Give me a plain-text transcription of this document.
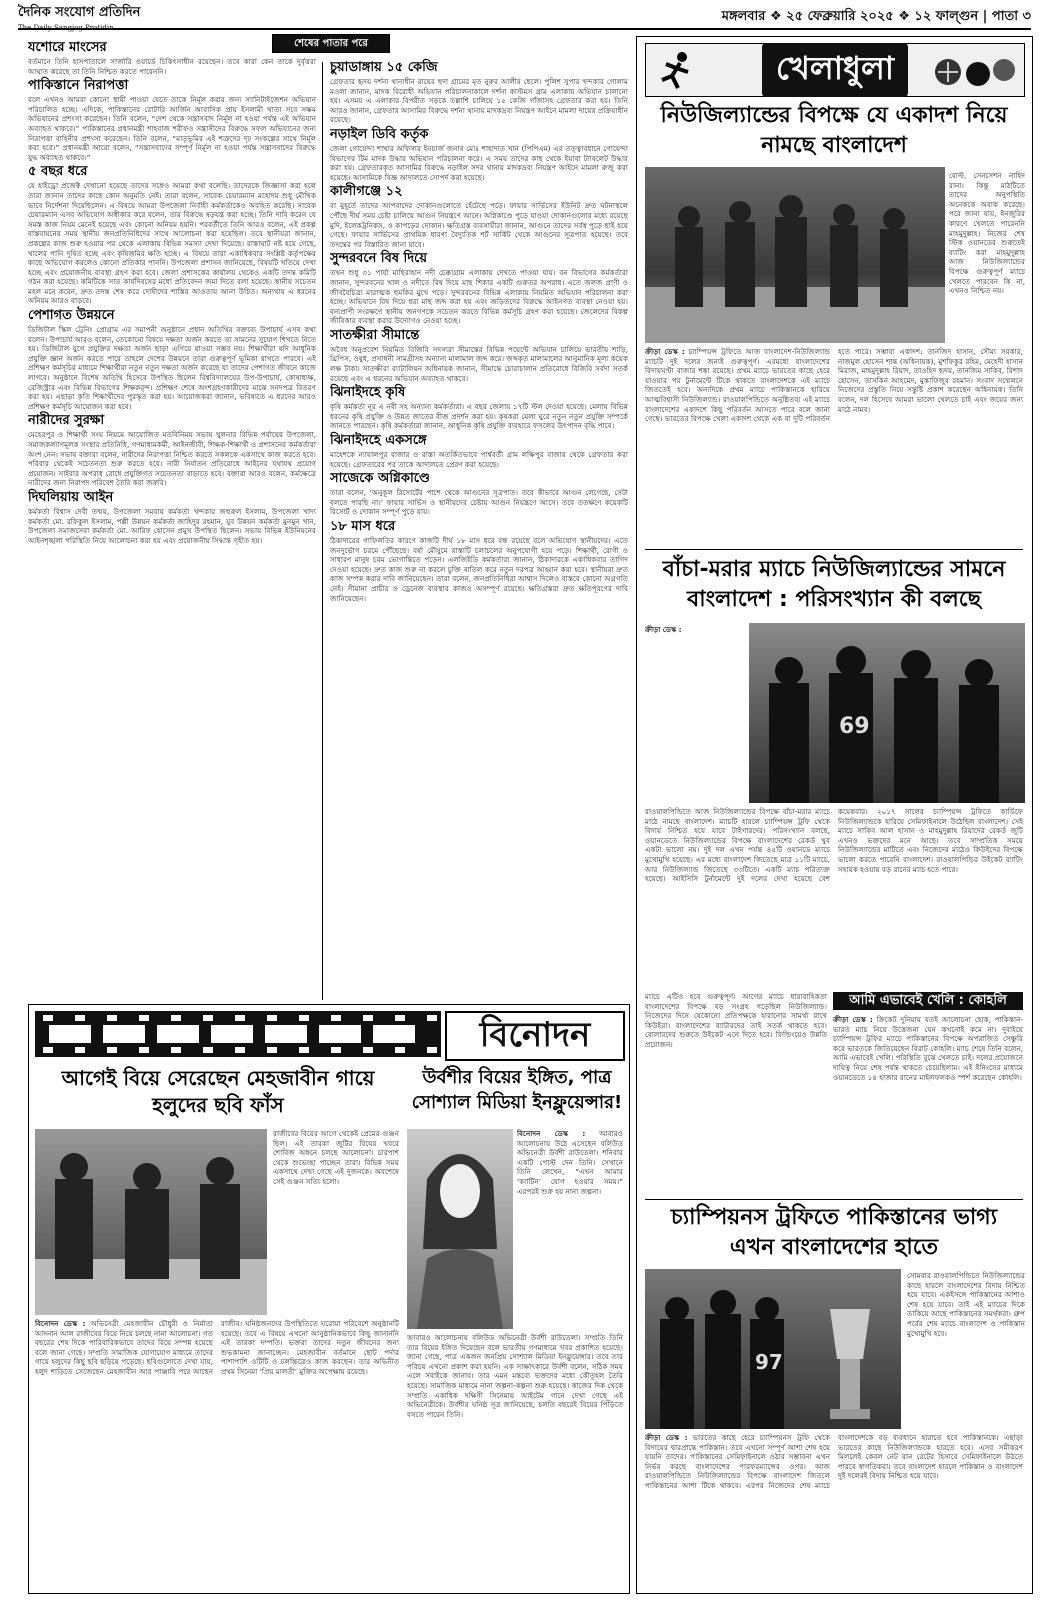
দৈনিক সংযোগ প্রতিদিন
The Daily Sangjog Protidin
মঙ্গলবার ❖ ২৫ ফেব্রুয়ারি ২০২৫ ❖ ১২ ফাল্গুন | পাতা ৩
যশোরে মাংসের
বর্তমানে তিনি হাসপাতালে সার্জারি ওয়ার্ডে চিকিৎসাধীন রয়েছেন। তবে কারা কেন তাকে দুর্বৃত্তরা আঘাত করেছে তা তিনি নিশ্চিত করতে পারেননি।
পাকিস্তানে নিরাপত্তা
বলে এখনও আমরা কোনো স্থায়ী পাওয়া যেতে তাকে নির্মূল করার জন্য স্যানিটাইজেশন অভিযান পরিচালিত হচ্ছে। এদিকে, পাকিস্তানের রোটারি আর্জিন আবাসিক প্রায় ইসলামী খাতা সবে সক্ষম অভিযানের প্রশংসা করেছেন। তিনি বলেন, “দেশ থেকে সন্ত্রাসবাদ নির্মূল না হওয়া পর্যন্ত এই অভিযান অব্যাহত থাকবে।” পাকিস্তানের প্রধানমন্ত্রী শাহবাজ শরীফও সন্ত্রাসীদের বিরুদ্ধে সফল অভিযানের জন্য নিরাপত্তা বাহিনীর প্রশংসা করেছেন। তিনি বলেন, “মাতৃভূমির এই শত্রুদের দৃঢ় সংকল্পের সাথে নির্মূল করা হবে।” প্রধানমন্ত্রী আরো বলেন, “সন্ত্রাসবাদের সম্পূর্ণ নির্মূল না হওয়া পর্যন্ত সন্ত্রাসবাদের বিরুদ্ধে যুদ্ধ অব্যাহত থাকবে।”
৫ বছর ধরে
যে হাইড্রো প্রজেক্ট দেখানো হয়েছে তাদের সঙ্গেও আমরা কথা বলেছি। তাদেরকে জিজ্ঞাসা করা হলে তারা জানান তাদের কাছে কোন অনুমতি নেই। তারা বলেন, সাবেক চেয়ারম্যান মহোদয় শুধু মৌখিক ভাবে নির্দেশনা দিয়েছিলেন। এ বিষয়ে আমরা উপজেলা নির্বাহী কর্মকর্তাকেও অবহিত করেছি। সাবেক চেয়ারম্যান এসব অভিযোগ অস্বীকার করে বলেন, তার বিরুদ্ধে ষড়যন্ত্র করা হচ্ছে। তিনি দাবি করেন যে সমস্ত কাজ নিয়ম মেনেই হয়েছে এবং কোনো অনিয়ম হয়নি। পরবর্তীতে তিনি আরও বলেন, এই প্রকল্প বাস্তবায়নের সময় স্থানীয় জনপ্রতিনিধিদের সাথে আলোচনা করা হয়েছিল। তবে স্থানীয়রা জানান, প্রকল্পের কাজ শুরু হওয়ার পর থেকে এলাকায় বিভিন্ন সমস্যা দেখা দিয়েছে। রাস্তাঘাট নষ্ট হয়ে গেছে, খালের পানি দূষিত হচ্ছে এবং কৃষিজমির ক্ষতি হচ্ছে। এ বিষয়ে তারা একাধিকবার সংশ্লিষ্ট কর্তৃপক্ষের কাছে অভিযোগ করলেও কোনো প্রতিকার পাননি। উপজেলা প্রশাসন জানিয়েছে, বিষয়টি খতিয়ে দেখা হচ্ছে এবং প্রয়োজনীয় ব্যবস্থা গ্রহণ করা হবে। জেলা প্রশাসকের কার্যালয় থেকেও একটি তদন্ত কমিটি গঠন করা হয়েছে। কমিটিকে সাত কার্যদিবসের মধ্যে প্রতিবেদন জমা দিতে বলা হয়েছে। স্থানীয় সচেতন মহল মনে করেন, দ্রুত তদন্ত শেষ করে দোষীদের শাস্তির আওতায় আনা উচিত। অন্যথায় এ ধরনের অনিয়ম আরও বাড়বে।
পেশাগত উন্নয়নে
ডিজিটাল স্কিল ট্রেনিং প্রোগ্রাম এর সমাপনী অনুষ্ঠানে প্রধান অতিথির বক্তব্যে উপাচার্য এসব কথা বলেন। উপাচার্য আরও বলেন, তেকোনো বিষয়ে দক্ষতা অর্জন করতে তা সামনের সুযোগ শিখতে নিতে হয়। ডিজিটাল যুগে প্রযুক্তির দক্ষতা অর্জন ছাড়া এগিয়ে যাওয়া সম্ভব নয়। শিক্ষার্থীরা যদি আধুনিক প্রযুক্তি জ্ঞান অর্জন করতে পারে তাহলে দেশের উন্নয়নে তারা গুরুত্বপূর্ণ ভূমিকা রাখতে পারবে। এই প্রশিক্ষণ কর্মসূচির মাধ্যমে শিক্ষার্থীরা নতুন নতুন দক্ষতা অর্জন করেছে যা তাদের পেশাগত জীবনে কাজে লাগবে। অনুষ্ঠানে বিশেষ অতিথি হিসেবে উপস্থিত ছিলেন বিশ্ববিদ্যালয়ের উপ-উপাচার্য, কোষাধ্যক্ষ, রেজিস্ট্রার এবং বিভিন্ন বিভাগের শিক্ষকবৃন্দ। প্রশিক্ষণ শেষে অংশগ্রহণকারীদের মাঝে সনদপত্র বিতরণ করা হয়। এছাড়া কৃতি শিক্ষার্থীদের পুরস্কৃত করা হয়। আয়োজকরা জানান, ভবিষ্যতে এ ধরনের আরও প্রশিক্ষণ কর্মসূচি আয়োজন করা হবে।
নারীদের সুরক্ষা
মেহেরপুর ও শিক্ষার্থী সংঘ নিয়মে আয়োজিত মতবিনিময় সভায় খুলনার বিভিন্ন পর্যায়ের উপজেলা, সমাজকল্যাণমূলক সংস্থার প্রতিনিধি, গণমাধ্যমকর্মী, আইনজীবী, শিক্ষক-শিক্ষার্থী ও প্রশাসনের কর্মকর্তারা অংশ নেন। সভায় বক্তারা বলেন, নারীদের নিরাপত্তা নিশ্চিত করতে সকলকে একসাথে কাজ করতে হবে। পরিবার থেকেই সচেতনতা শুরু করতে হবে। নারী নির্যাতন প্রতিরোধে আইনের যথাযথ প্রয়োগ প্রয়োজন। সাইবার অপরাধ রোধে প্রযুক্তিগত সচেতনতা বাড়াতে হবে। বক্তারা আরও বলেন, কর্মক্ষেত্রে নারীদের জন্য নিরাপদ পরিবেশ তৈরি করা জরুরি।
দিঘলিয়ায় আইন
কর্মকর্তা বিশ্বাস দেবী তন্ময়, উপজেলা সমবায় কর্মকর্তা খন্দকার জহুরুল ইসলাম, উপজেলা খাদ্য কর্মকর্তা মো. রফিকুল ইসলাম, পল্লী উন্নয়ন কর্মকর্তা জাহিদুর রহমান, যুব উন্নয়ন কর্মকর্তা মুনমুন খান, উপজেলা সমাজসেবা কর্মকর্তা মো. আরিফ হোসেন প্রমুখ উপস্থিত ছিলেন। সভায় বিভিন্ন ইউনিয়নের আইনশৃঙ্খলা পরিস্থিতি নিয়ে আলোচনা করা হয় এবং প্রয়োজনীয় সিদ্ধান্ত গৃহীত হয়।
শেষের পাতার পরে
চুয়াডাঙ্গায় ১৫ কেজি
গ্রেফতার হৃদয় দর্শনা থানাধীন রায়ের হুদা গ্রামের মৃত নুরুর আলীর ছেলে। পুলিশ সুপার খন্দকার গোলাম মওলা জানান, মাদক বিরোধী অভিযান পরিচালনাকালে দর্শনা কাস্টমস গ্রাম এলাকায় অভিযান চালানো হয়। এসময় এ এলাকার বিপরীত সড়কে তল্লাশি চালিয়ে ১৫ কেজি গাঁজাসহ গ্রেফতার করা হয়। তিনি আরও জানান, গ্রেফতার আসামির বিরুদ্ধে দর্শনা থানায় মাদকদ্রব্য নিয়ন্ত্রণ আইনে মামলা দায়ের প্রক্রিয়াধীন রয়েছে।
নড়াইল ডিবি কর্তৃক
জেলা গোয়েন্দা শাখার অফিসার ইনচার্জ জনাব মোঃ শাহাদাত খান (পিপিএম) এর তত্ত্বাবধানে গোয়েন্দা বিভাগের টিম মাদক উদ্ধার অভিযান পরিচালনা করে। এ সময় তাদের কাছ থেকে ইয়াবা ট্যাবলেট উদ্ধার করা হয়। গ্রেফতারকৃত আসামির বিরুদ্ধে নড়াইল সদর থানায় মাদকদ্রব্য নিয়ন্ত্রণ আইনে মামলা রুজু করা হয়েছে। আসামিকে বিজ্ঞ আদালতে সোপর্দ করা হয়েছে।
কালীগঞ্জে ১২
বা মুহূর্তে তাদের আপবাদের দোকানগুলোতে হেঁটেছে পড়ে। ফায়ার সার্ভিসের ইউনিট দ্রুত ঘটনাস্থলে পৌঁছে দীর্ঘ সময় চেষ্টা চালিয়ে আগুন নিয়ন্ত্রণে আনে। অগ্নিকাণ্ডে পুড়ে যাওয়া দোকানগুলোর মধ্যে রয়েছে মুদি, ইলেকট্রনিকস, ও কাপড়ের দোকান। ক্ষতিগ্রস্ত ব্যবসায়ীরা জানান, আগুনে তাদের সর্বস্ব পুড়ে ছাই হয়ে গেছে। ফায়ার সার্ভিসের প্রাথমিক ধারণা বৈদ্যুতিক শর্ট সার্কিট থেকে আগুনের সূত্রপাত হয়েছে। তবে তদন্তের পর বিস্তারিত জানা যাবে।
সুন্দরবনে বিষ দিয়ে
তখন শুধু ৩১ পার্যা মাছিরাহান নদী চেক্কাগ্রাম এলাকায় দেখতে পাওয়া যায়। বন বিভাগের কর্মকর্তারা জানান, সুন্দরবনের খাল ও নদীতে বিষ দিয়ে মাছ শিকার একটি গুরুতর অপরাধ। এতে জলজ প্রাণী ও জীববৈচিত্র্য মারাত্মক হুমকির মুখে পড়ে। সুন্দরবনের বিভিন্ন এলাকায় নিয়মিত অভিযান পরিচালনা করা হচ্ছে। অভিযানে বিষ দিয়ে ধরা মাছ জব্দ করা হয় এবং জড়িতদের বিরুদ্ধে আইনগত ব্যবস্থা নেওয়া হয়। বন্যপ্রাণী সংরক্ষণে স্থানীয় জনগণকে সচেতন করতে বিভিন্ন কর্মসূচি গ্রহণ করা হয়েছে। জেলেদের বিকল্প জীবিকার ব্যবস্থা করার উদ্যোগও নেওয়া হচ্ছে।
সাতক্ষীরা সীমান্তে
অবৈধ অনুপ্রবেশ নিয়মিত বিজিবি সদস্যরা সীমান্তের বিভিন্ন পয়েন্টে অভিযান চালিয়ে ভারতীয় শাড়ি, থ্রিপিস, ওষুধ, প্রসাধনী সামগ্রীসহ অন্যান্য মালামাল জব্দ করে। জব্দকৃত মালামালের আনুমানিক মূল্য কয়েক লক্ষ টাকা। সাতক্ষীরা ব্যাটালিয়ন অধিনায়ক জানান, সীমান্তে চোরাচালান প্রতিরোধে বিজিবি সর্বদা সতর্ক রয়েছে এবং এ ধরনের অভিযান অব্যাহত থাকবে।
ঝিনাইদহে কৃষি
কৃষি কর্মকর্তা নূর এ নবী সহ অন্যান্য কর্মকর্তারা। এ বছর জেলায় ১৭টি স্টল দেওয়া হয়েছে। মেলায় বিভিন্ন ধরনের কৃষি প্রযুক্তি ও উন্নত জাতের বীজ প্রদর্শন করা হয়। কৃষকরা মেলা ঘুরে নতুন নতুন প্রযুক্তি সম্পর্কে জানতে পারছেন। কৃষি কর্মকর্তারা জানান, আধুনিক কৃষি প্রযুক্তি ব্যবহারে ফসলের উৎপাদন বৃদ্ধি পাবে।
ঝিনাইদহে একসঙ্গে
মাহেশকে ন্যায়ালপুর বাজার ও রাস্তা অতর্কিতভাবে পার্শ্ববর্তী গ্রাম লক্ষিপুর বাজার থেকে গ্রেফতার করা হয়েছে। গ্রেফতারের পর তাকে আদালতে প্রেরণ করা হয়েছে।
সাজেকে অগ্নিকাণ্ডে
তারা বলেন, ‘অনুকূল রিসোর্টের পাশে থেকে আগুনের সূত্রপাত। তবে কীভাবে আগুন লেগেছে, সেটা বলতে পারছি না।’ ফায়ার সার্ভিস ও স্থানীয়দের চেষ্টায় আগুন নিয়ন্ত্রণে আসে। তবে ততক্ষণে কয়েকটি রিসোর্ট ও দোকান সম্পূর্ণ পুড়ে যায়।
১৮ মাস ধরে
ঠিকাদারের গাফিলতির কারণে কাজটি দীর্ঘ ১৮ মাস ধরে বন্ধ রয়েছে বলে অভিযোগ স্থানীয়দের। এতে জনদুর্ভোগ চরমে পৌঁছেছে। বর্ষা মৌসুমে রাস্তাটি চলাচলের অনুপযোগী হয়ে পড়ে। শিক্ষার্থী, রোগী ও সাধারণ মানুষ চরম ভোগান্তিতে পড়েন। এলজিইডি কর্মকর্তারা জানান, ঠিকাদারকে একাধিকবার তাগিদ দেওয়া হয়েছে। দ্রুত কাজ শুরু না করলে চুক্তি বাতিল করে নতুন দরপত্র আহ্বান করা হবে। স্থানীয়রা দ্রুত কাজ সম্পন্ন করার দাবি জানিয়েছেন। তারা বলেন, জনপ্রতিনিধিরা আশ্বাস দিলেও বাস্তবে কোনো অগ্রগতি নেই। সীমানা প্রাচীর ও ড্রেনেজ ব্যবস্থার কাজও অসম্পূর্ণ রয়েছে। ক্ষতিগ্রস্তরা দ্রুত ক্ষতিপূরণের দাবি জানিয়েছেন।
খেলাধুলা
নিউজিল্যান্ডের বিপক্ষে যে একাদশ নিয়ে নামছে বাংলাদেশ
বোল্ট, সেনসেশন নাহিদ রানা। কিন্তু মাঠটিতে তাদের অনুপস্থিতি অনেককে অবাক করেছে। পরে জানা যায়, ইনজুরির কারণে খেলতে পারেননি মাহমুদুল্লাহ। নিজের শেষ স্টিক ওয়ানডের শুরুতেই ব্যাটিং করা মাহমুদুল্লাহ আজ নিউজিল্যান্ডের বিপক্ষে গুরুত্বপূর্ণ ম্যাচে খেলতে পারবেন কি না, এখনও নিশ্চিত নয়।
ক্রীড়া ডেস্ক : চ্যাম্পিয়ন্স ট্রফিতে আজ বাংলাদেশ-নিউজিল্যান্ড ম্যাচটি দুই দলের জন্যই গুরুত্বপূর্ণ। এরমধ্যে বাংলাদেশের বিদায়ঘণ্টা বাজার শঙ্কা রয়েছে। প্রথম ম্যাচে ভারতের কাছে হেরে যাওয়ার পর টুর্নামেন্টে টিকে থাকতে বাংলাদেশকে এই ম্যাচে জিততেই হবে। অন্যদিকে প্রথম ম্যাচে পাকিস্তানকে হারিয়ে আত্মবিশ্বাসী নিউজিল্যান্ড। রাওয়ালপিন্ডিতে অনুষ্ঠিতব্য এই ম্যাচে বাংলাদেশের একাদশে কিছু পরিবর্তন আসতে পারে বলে জানা গেছে। ভারতের বিপক্ষে খেলা একাদশ থেকে এক বা দুটি পরিবর্তন হতে পারে। সম্ভাব্য একাদশ: তানজিদ হাসান, সৌম্য সরকার, নাজমুল হোসেন শান্ত (অধিনায়ক), মুশফিকুর রহিম, মেহেদী হাসান মিরাজ, মাহমুদুল্লাহ রিয়াদ, তাওহিদ হৃদয়, তানজিম সাকিব, রিশাদ হোসেন, তাসকিন আহমেদ, মুস্তাফিজুর রহমান। সংবাদ সম্মেলনে নিজেদের প্রস্তুতি নিয়ে সন্তুষ্টি প্রকাশ করেছেন অধিনায়ক। তিনি বলেন, দল হিসেবে আমরা ভালো খেলতে চাই এবং জয়ের জন্য মাঠে নামব।
বাঁচা-মরার ম্যাচে নিউজিল্যান্ডের সামনে বাংলাদেশ : পরিসংখ্যান কী বলছে
ক্রীড়া ডেস্ক :
69
রাওয়ালপিন্ডিতে আজ নিউজিল্যান্ডের বিপক্ষে বাঁচা-মরার ম্যাচে মাঠে নামছে বাংলাদেশ। ম্যাচটি হারলে চ্যাম্পিয়ন্স ট্রফি থেকে বিদায় নিশ্চিত হয়ে যাবে টাইগারদের। পরিসংখ্যান বলছে, ওয়ানডেতে নিউজিল্যান্ডের বিপক্ষে বাংলাদেশের রেকর্ড খুব একটা ভালো নয়। দুই দল এখন পর্যন্ত ৪৫টি ওয়ানডে ম্যাচে মুখোমুখি হয়েছে। এর মধ্যে বাংলাদেশ জিতেছে মাত্র ১১টি ম্যাচে, আর নিউজিল্যান্ড জিতেছে ৩৩টিতে। একটি ম্যাচ পরিত্যক্ত হয়েছে। আইসিসি টুর্নামেন্টে দুই দলের দেখা হয়েছে বেশ কয়েকবার। ২০১৭ সালের চ্যাম্পিয়ন্স ট্রফিতে কার্ডিফে নিউজিল্যান্ডকে হারিয়ে সেমিফাইনালে উঠেছিল বাংলাদেশ। সেই ম্যাচে সাকিব আল হাসান ও মাহমুদুল্লাহ রিয়াদের রেকর্ড জুটি এখনও ভক্তদের মনে আছে। তবে সাম্প্রতিক সময়ে নিউজিল্যান্ডের মাটিতে এবং নিজেদের মাঠেও কিউইদের বিপক্ষে ভালো করতে পারেনি বাংলাদেশ। রাওয়ালপিন্ডির উইকেট ব্যাটিং সহায়ক হওয়ায় বড় রানের ম্যাচ হতে পারে।
আমি এভাবেই খেলি : কোহলি
ক্রীড়া ডেস্ক : ক্রিকেট দুনিয়ায় যতই আলোচনা হোক, পাকিস্তান-ভারত ম্যাচ নিয়ে উত্তেজনা যেন কখনোই কমে না। দুবাইয়ে চ্যাম্পিয়ন্স ট্রফির ম্যাচে পাকিস্তানের বিপক্ষে অপরাজিত সেঞ্চুরি করে ভারতকে জিতিয়েছেন বিরাট কোহলি। ম্যাচ শেষে তিনি বলেন, আমি এভাবেই খেলি। পরিস্থিতি বুঝে খেলতে চাই। দলের প্রয়োজনে দায়িত্ব নিয়ে শেষ পর্যন্ত থাকতে চেয়েছিলাম। এই ইনিংসের মাধ্যমে ওয়ানডেতে ১৪ হাজার রানের মাইলফলকও স্পর্শ করেছেন কোহলি।
ম্যাচে এটিও হবে গুরুত্বপূর্ণ। আগের ম্যাচে ধারাবাহিকতা বাংলাদেশের বিপক্ষে বড় সংগ্রহ গড়েছিল নিউজিল্যান্ড। নিজেদের দিনে যেকোনো প্রতিপক্ষকে হারানোর সামর্থ্য রাখে কিউইরা। বাংলাদেশের ব্যাটারদের তাই সতর্ক থাকতে হবে। বোলারদের শুরুতে উইকেট এনে দিতে হবে। ফিল্ডিংয়েও উন্নতি প্রয়োজন।
চ্যাম্পিয়নস ট্রফিতে পাকিস্তানের ভাগ্য এখন বাংলাদেশের হাতে
97
সোমবার রাওয়ালপিন্ডিতে নিউজিল্যান্ডের কাছে হারলে বাংলাদেশের বিদায় নিশ্চিত হয়ে যাবে। একইসঙ্গে পাকিস্তানের আশাও শেষ হয়ে যাবে। তাই এই ম্যাচের দিকে তাকিয়ে আছে পাকিস্তানের সমর্থকরা। গ্রুপ পর্বের শেষ ম্যাচে বাংলাদেশ ও পাকিস্তান মুখোমুখি হবে।
ক্রীড়া ডেস্ক : ভারতের কাছে হেরে চ্যাম্পিয়নস ট্রফি থেকে বিদায়ের দ্বারপ্রান্তে পাকিস্তান। তবে এখনো সম্পূর্ণ আশা শেষ হয়ে যায়নি তাদের। পাকিস্তানের সেমিফাইনালে ওঠার সম্ভাবনা এখন নির্ভর করছে বাংলাদেশের পারফরম্যান্সের ওপর। আজ রাওয়ালপিন্ডিতে নিউজিল্যান্ডের বিপক্ষে বাংলাদেশ জিতলে পাকিস্তানের আশা টিকে থাকবে। এরপর নিজেদের শেষ ম্যাচে বাংলাদেশকে বড় ব্যবধানে হারাতে হবে পাকিস্তানকে। এছাড়া ভারতের কাছে নিউজিল্যান্ডকে হারতে হবে। এসব সমীকরণ মিললেই কেবল নেট রান রেটের হিসাবে সেমিফাইনালে উঠতে পারবে স্বাগতিকরা। তবে বাংলাদেশ হারলে পাকিস্তান ও বাংলাদেশ দুই দলেরই বিদায় নিশ্চিত হয়ে যাবে।
বিনোদন
আগেই বিয়ে সেরেছেন মেহজাবীন গায়ে হলুদের ছবি ফাঁস
উর্বশীর বিয়ের ইঙ্গিত, পাত্র সোশ্যাল মিডিয়া ইনফ্লুয়েন্সার!
রাজীবের বিয়ের আগে থেকেই প্রেমের গুঞ্জন ছিল। এই তারকা জুটির বিয়ের খবরে শোবিজ অঙ্গনে চলছে আলোচনা। চারপাশ থেকে শুভেচ্ছা পাচ্ছেন তারা। বিভিন্ন সময় একসাথে দেখা গেছে এই দুজনকে। অবশেষে সেই গুঞ্জন সত্যি হলো।
বিনোদন ডেস্ক : অভিনেত্রী মেহজাবীন চৌধুরী ও নির্মাতা আদনান আল রাজীবের বিয়ে নিয়ে চলছে নানা আলোচনা। গত বছরের শেষ দিকে পারিবারিকভাবে তাদের বিয়ে সম্পন্ন হয়েছে বলে জানা গেছে। সম্প্রতি সামাজিক যোগাযোগ মাধ্যমে তাদের গায়ে হলুদের কিছু ছবি ছড়িয়ে পড়েছে। ছবিগুলোতে দেখা যায়, হলুদ শাড়িতে সেজেছেন মেহজাবীন আর পাঞ্জাবি পরে আছেন রাজীব। ঘনিষ্ঠজনদের উপস্থিতিতে ঘরোয়া পরিবেশে অনুষ্ঠানটি হয়েছে। তবে এ বিষয়ে এখনো আনুষ্ঠানিকভাবে কিছু জানাননি এই তারকা দম্পতি। ভক্তরা তাদের নতুন জীবনের জন্য শুভকামনা জানাচ্ছেন। মেহজাবীন বর্তমানে ছোট পর্দার পাশাপাশি ওটিটি ও চলচ্চিত্রেও কাজ করছেন। তার অভিনীত প্রথম সিনেমা ‘প্রিয় মালতী’ মুক্তির অপেক্ষায় রয়েছে।
বিনোদন ডেস্ক : আবারও আলোচনায় উঠে এসেছেন বলিউড অভিনেত্রী উর্বশী রাউতেলা। শনিবার একটি পোস্ট দেন তিনি। সেখানে তিনি লেখেন, “এখন আমার ‘ক্যাটিন’ যোগ হওয়ার সময়।” এরপরই শুরু হয় নানা জল্পনা।
আবারও আলোচনায় বলিউড অভিনেত্রী উর্বশী রাউতেলা। সম্প্রতি তিনি তার বিয়ের ইঙ্গিত দিয়েছেন বলে ভারতীয় গণমাধ্যমে খবর প্রকাশিত হয়েছে। জানা গেছে, পাত্র একজন জনপ্রিয় সোশ্যাল মিডিয়া ইনফ্লুয়েন্সার। তবে তার পরিচয় এখনো প্রকাশ করা হয়নি। এক সাক্ষাৎকারে উর্বশী বলেন, সঠিক সময় এলে সবাইকে জানাব। তার এমন মন্তব্যে ভক্তদের মধ্যে কৌতূহল তৈরি হয়েছে। সামাজিক মাধ্যমে নানা জল্পনা-কল্পনা শুরু হয়েছে। কাজের দিক থেকে সম্প্রতি একাধিক দক্ষিণী সিনেমায় আইটেম গানে দেখা গেছে এই অভিনেত্রীকে। উর্বশীর ঘনিষ্ঠ সূত্র জানিয়েছে, চলতি বছরেই বিয়ের পিঁড়িতে বসতে পারেন তিনি।
